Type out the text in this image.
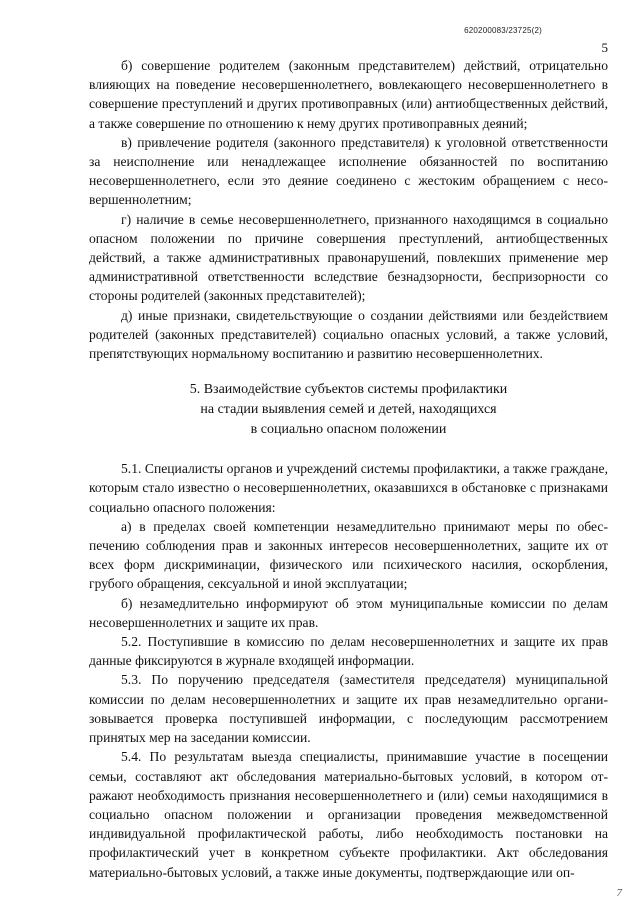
620200083/23725(2)
5

б) совершение родителем (законным представителем) действий, отрицательно влияющих на поведение несовершеннолетнего, вовлекающего несовершеннолетнего в совершение преступлений и других противоправных (или) антиобщественных действий, а также совершение по отношению к нему других противоправных деяний;

в) привлечение родителя (законного представителя) к уголовной ответственности за неисполнение или ненадлежащее исполнение обязанностей по воспитанию несовершеннолетнего, если это деяние соединено с жестоким обращением с несовершеннолетним;

г) наличие в семье несовершеннолетнего, признанного находящимся в социально опасном положении по причине совершения преступлений, антиобщественных действий, а также административных правонарушений, повлекших применение мер административной ответственности вследствие безнадзорности, беспризорности со стороны родителей (законных представителей);

д) иные признаки, свидетельствующие о создании действиями или бездействием родителей (законных представителей) социально опасных условий, а также условий, препятствующих нормальному воспитанию и развитию несовершеннолетних.

5. Взаимодействие субъектов системы профилактики
на стадии выявления семей и детей, находящихся
в социально опасном положении

5.1. Специалисты органов и учреждений системы профилактики, а также граждане, которым стало известно о несовершеннолетних, оказавшихся в обстановке с признаками социально опасного положения:

а) в пределах своей компетенции незамедлительно принимают меры по обеспечению соблюдения прав и законных интересов несовершеннолетних, защите их от всех форм дискриминации, физического или психического насилия, оскорбления, грубого обращения, сексуальной и иной эксплуатации;

б) незамедлительно информируют об этом муниципальные комиссии по делам несовершеннолетних и защите их прав.

5.2. Поступившие в комиссию по делам несовершеннолетних и защите их прав данные фиксируются в журнале входящей информации.

5.3. По поручению председателя (заместителя председателя) муниципальной комиссии по делам несовершеннолетних и защите их прав незамедлительно организовывается проверка поступившей информации, с последующим рассмотрением принятых мер на заседании комиссии.

5.4. По результатам выезда специалисты, принимавшие участие в посещении семьи, составляют акт обследования материально-бытовых условий, в котором отражают необходимость признания несовершеннолетнего и (или) семьи находящимися в социально опасном положении и организации проведения межведомственной индивидуальной профилактической работы, либо необходимость постановки на профилактический учет в конкретном субъекте профилактики. Акт обследования материально-бытовых условий, а также иные документы, подтверждающие или оп-

7
